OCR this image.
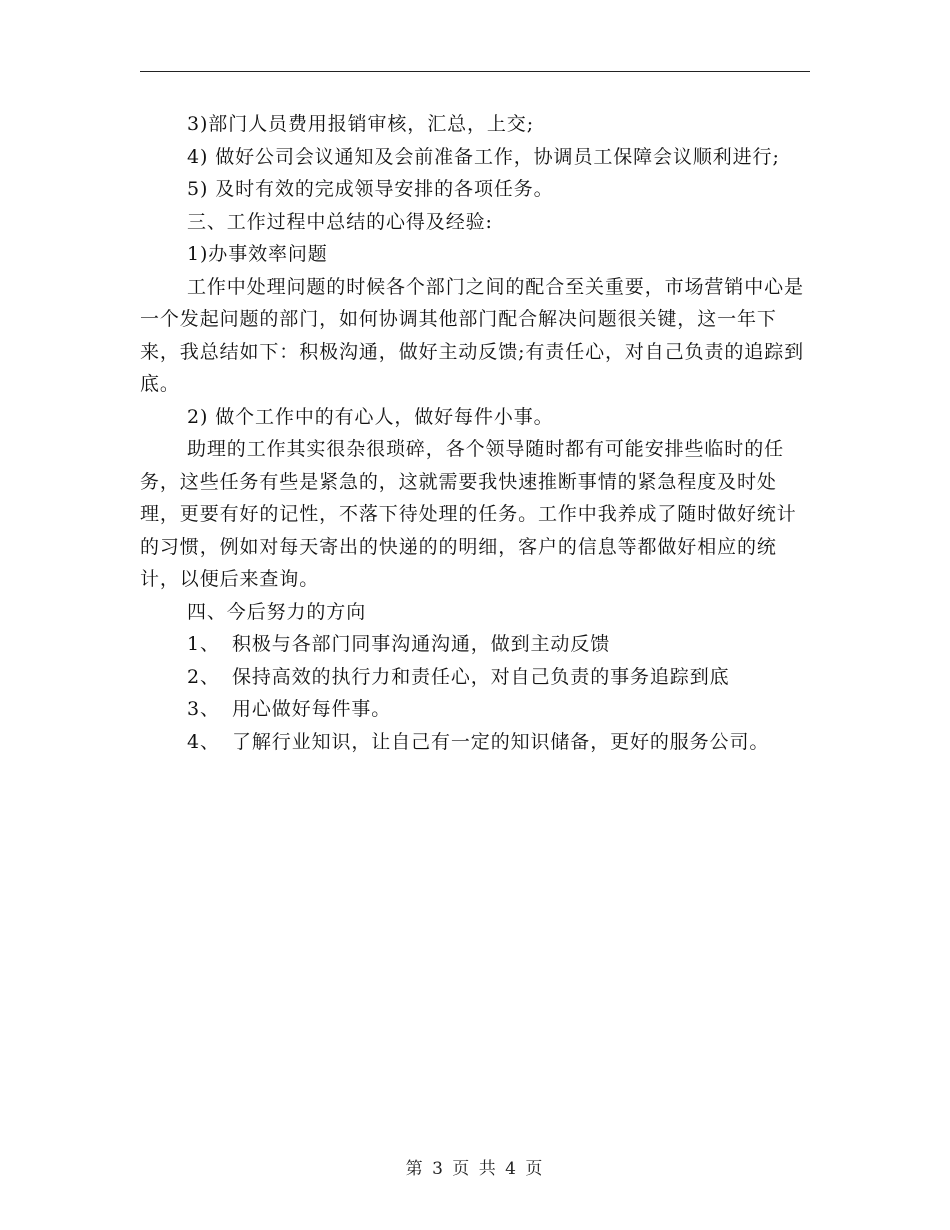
3)部门人员费用报销审核，汇总，上交;

4) 做好公司会议通知及会前准备工作，协调员工保障会议顺利进行;

5) 及时有效的完成领导安排的各项任务。

三、工作过程中总结的心得及经验:

1)办事效率问题

工作中处理问题的时候各个部门之间的配合至关重要，市场营销中心是一个发起问题的部门，如何协调其他部门配合解决问题很关键，这一年下来，我总结如下：积极沟通，做好主动反馈;有责任心，对自己负责的追踪到底。

2) 做个工作中的有心人，做好每件小事。

助理的工作其实很杂很琐碎，各个领导随时都有可能安排些临时的任务，这些任务有些是紧急的，这就需要我快速推断事情的紧急程度及时处理，更要有好的记性，不落下待处理的任务。工作中我养成了随时做好统计的习惯，例如对每天寄出的快递的的明细，客户的信息等都做好相应的统计，以便后来查询。

四、今后努力的方向

1、 积极与各部门同事沟通沟通，做到主动反馈
2、 保持高效的执行力和责任心，对自己负责的事务追踪到底
3、 用心做好每件事。
4、 了解行业知识，让自己有一定的知识储备，更好的服务公司。
第 3 页 共 4 页
